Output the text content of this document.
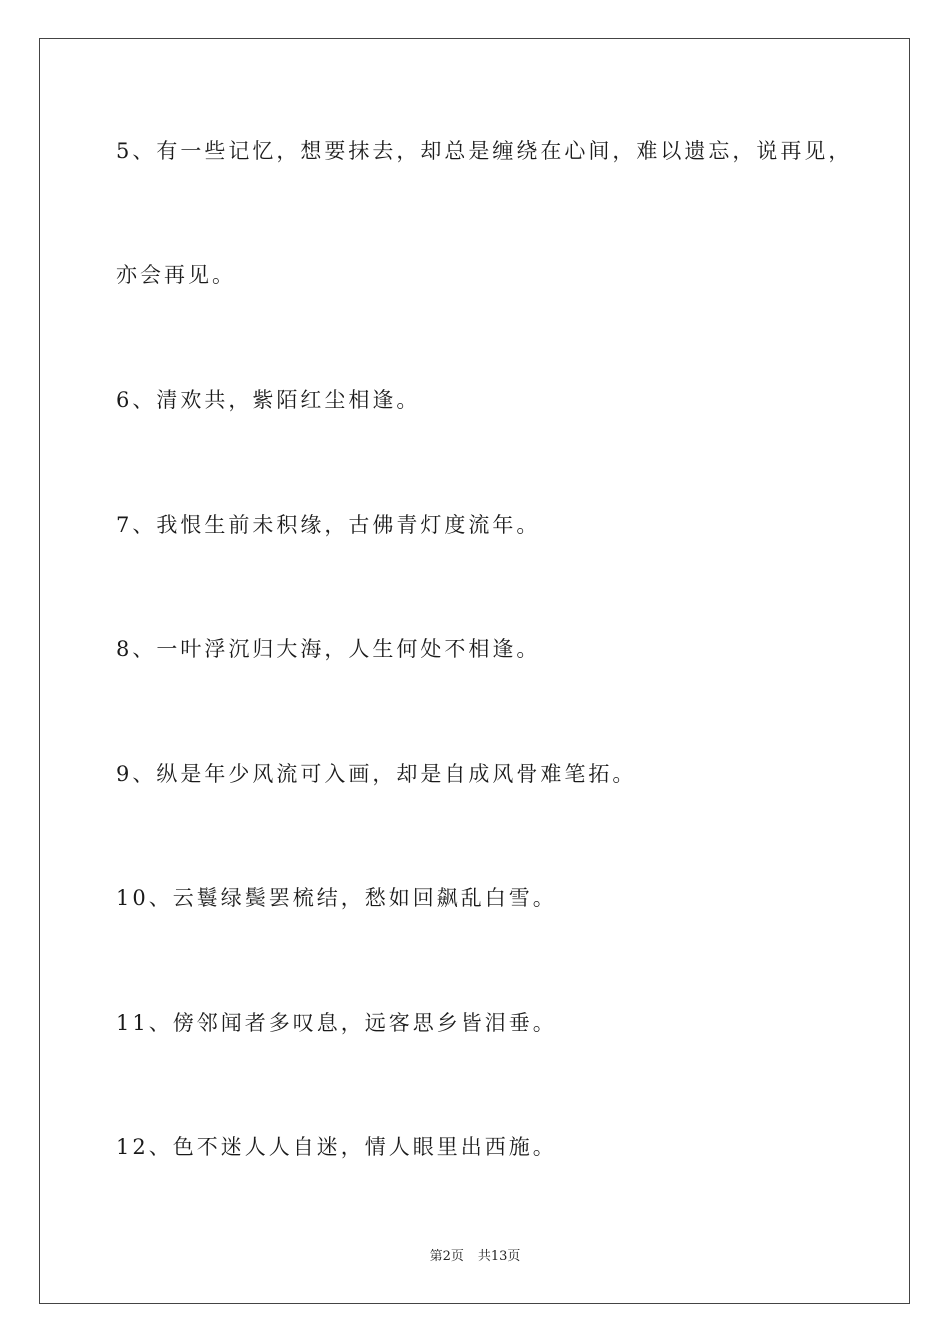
5、有一些记忆，想要抹去，却总是缠绕在心间，难以遗忘，说再见，
亦会再见。
6、清欢共，紫陌红尘相逢。
7、我恨生前未积缘，古佛青灯度流年。
8、一叶浮沉归大海，人生何处不相逢。
9、纵是年少风流可入画，却是自成风骨难笔拓。
10、云鬟绿鬓罢梳结，愁如回飙乱白雪。
11、傍邻闻者多叹息，远客思乡皆泪垂。
12、色不迷人人自迷，情人眼里出西施。
第2页 共13页
